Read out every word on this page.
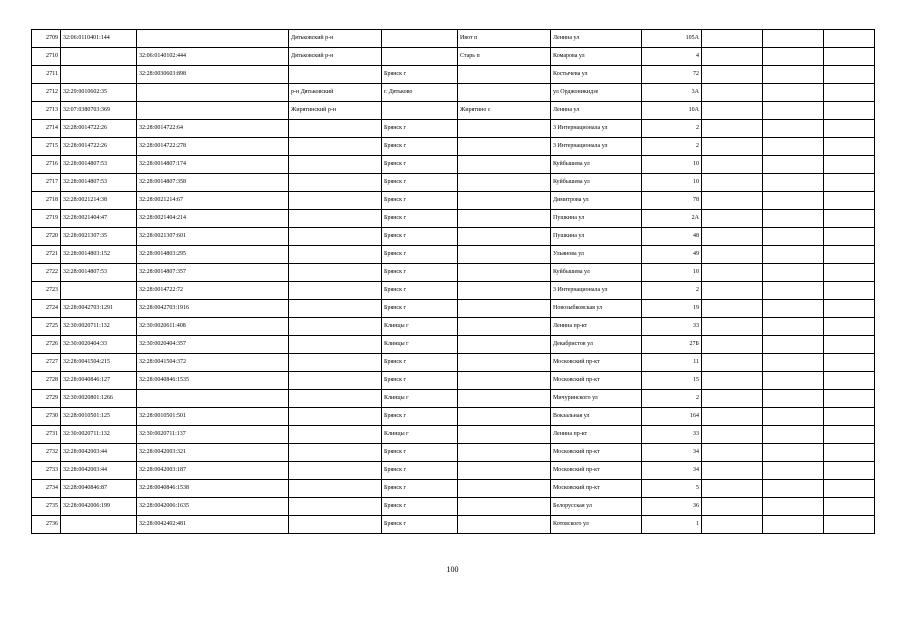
2709	32:06:0110401:144		Дятьковский р-н		Ивот п	Ленина ул	105А			
2710		32:06:0140102:444	Дятьковский р-н		Старь п	Комарова ул	4			
2711		32:28:0030603:898		Брянск г		Костычева ул	72			
2712	32:29:0010602:35		р-н Дятьковский	г. Дятьково		ул Орджоникидзе	3А			
2713	32:07:0380703:369		Жирятинский р-н		Жирятино с	Ленина ул	10А			
2714	32:28:0014722:26	32:28:0014722:64		Брянск г		3 Интернационала ул	2			
2715	32:28:0014722:26	32:28:0014722:278		Брянск г		3 Интернационала ул	2			
2716	32:28:0014807:53	32:28:0014807:174		Брянск г		Куйбышева ул	10			
2717	32:28:0014807:53	32:28:0014807:358		Брянск г		Куйбышева ул	10			
2718	32:28:0021214:38	32:28:0021214:67		Брянск г		Димитрова ул	78			
2719	32:28:0021404:47	32:28:0021404:214		Брянск г		Пушкина ул	2А			
2720	32:28:0021307:35	32:28:0021307:601		Брянск г		Пушкина ул	48			
2721	32:28:0014803:152	32:28:0014803:295		Брянск г		Ульянова ул	49			
2722	32:28:0014807:53	32:28:0014807:357		Брянск г		Куйбышева ул	10			
2723		32:28:0014722:72		Брянск г		3 Интернационала ул	2			
2724	32:28:0042703:1291	32:28:0042703:1916		Брянск г		Новозыбковская ул	19			
2725	32:30:0020711:132	32:30:0020611:408		Клинцы г		Ленина пр-кт	33			
2726	32:30:0020404:33	32:30:0020404:357		Клинцы г		Декабристов ул	27Б			
2727	32:28:0041504:215	32:28:0041504:372		Брянск г		Московский пр-кт	11			
2728	32:28:0040846:127	32:28:0040846:1535		Брянск г		Московский пр-кт	15			
2729	32:30:0020801:1266			Клинцы г		Мичуринского ул	2			
2730	32:28:0010501:125	32:28:0010501:501		Брянск г		Вокзальная ул	164			
2731	32:30:0020711:132	32:30:0020711:137		Клинцы г		Ленина пр-кт	33			
2732	32:28:0042003:44	32:28:0042003:321		Брянск г		Московский пр-кт	34			
2733	32:28:0042003:44	32:28:0042003:187		Брянск г		Московский пр-кт	34			
2734	32:28:0040846:87	32:28:0040846:1538		Брянск г		Московский пр-кт	5			
2735	32:28:0042006:199	32:28:0042006:1635		Брянск г		Белорусская ул	36			
2736		32:28:0042402:481		Брянск г		Котовского ул	1			
100
